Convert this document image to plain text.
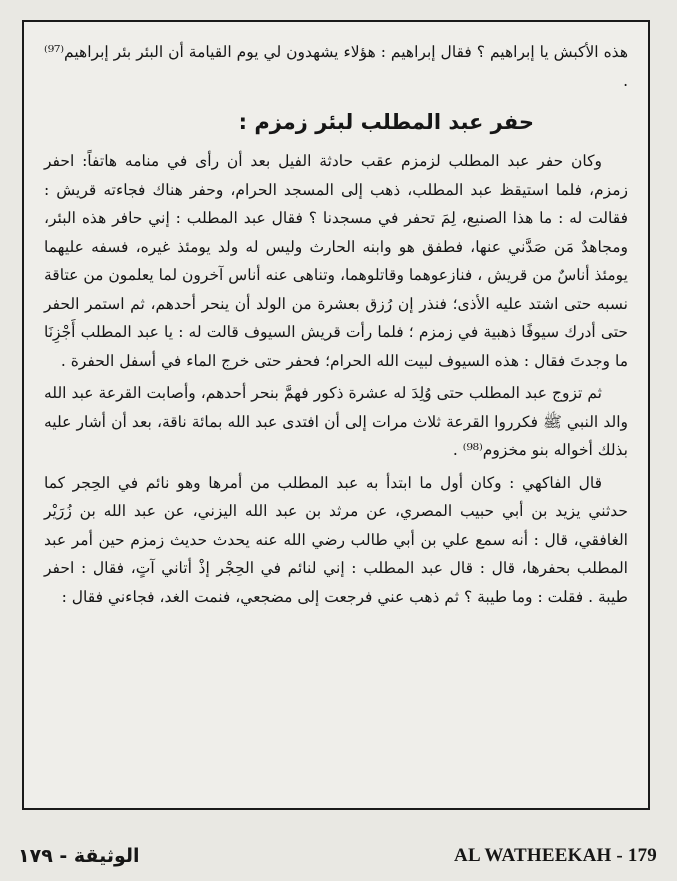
هذه الأكبش يا إبراهيم ؟ فقال إبراهيم : هؤلاء يشهدون لي يوم القيامة أن البئر بئر إبراهيم⁽⁹⁷⁾ .

حفر عبد المطلب لبئر زمزم :

وكان حفر عبد المطلب لزمزم عقب حادثة الفيل بعد أن رأى في منامه هاتفاً: احفر زمزم، فلما استيقظ عبد المطلب، ذهب إلى المسجد الحرام، وحفر هناك فجاءته قريش : فقالت له : ما هذا الصنيع، لِمَ تحفر في مسجدنا ؟ فقال عبد المطلب : إني حافر هذه البئر، ومجاهدٌ مَن صَدَّني عنها، فطفق هو وابنه الحارث وليس له ولد يومئذ غيره، فسفه عليهما يومئذ أناسٌ من قريش ، فنازعوهما وقاتلوهما، وتناهى عنه أناس آخرون لما يعلمون من عتاقة نسبه حتى اشتد عليه الأذى؛ فنذر إن رُزق بعشرة من الولد أن ينحر أحدهم، ثم استمر الحفر حتى أدرك سيوفًا ذهبية في زمزم ؛ فلما رأت قريش السيوف قالت له : يا عبد المطلب أَجْزِنَا ما وجدتَ فقال : هذه السيوف لبيت الله الحرام؛ فحفر حتى خرج الماء في أسفل الحفرة .

ثم تزوج عبد المطلب حتى وُلِدَ له عشرة ذكور فهمَّ بنحر أحدهم، وأصابت القرعة عبد الله والد النبي ﷺ فكرروا القرعة ثلاث مرات إلى أن افتدى عبد الله بمائة ناقة، بعد أن أشار عليه بذلك أخواله بنو مخزوم⁽⁹⁸⁾ .

قال الفاكهي : وكان أول ما ابتدأ به عبد المطلب من أمرها وهو نائم في الحِجر كما حدثني يزيد بن أبي حبيب المصري، عن مرثد بن عبد الله اليزني، عن عبد الله بن زُرَيْر الغافقي، قال : أنه سمع علي بن أبي طالب رضي الله عنه يحدث حديث زمزم حين أمر عبد المطلب بحفرها، قال : قال عبد المطلب : إني لنائم في الحِجْر إذْ أتاني آتٍ، فقال : احفر طيبة . فقلت : وما طيبة ؟ ثم ذهب عني فرجعت إلى مضجعي، فنمت الغد، فجاءني فقال :

الوثيقة - ١٧٩	AL WATHEEKAH - 179
